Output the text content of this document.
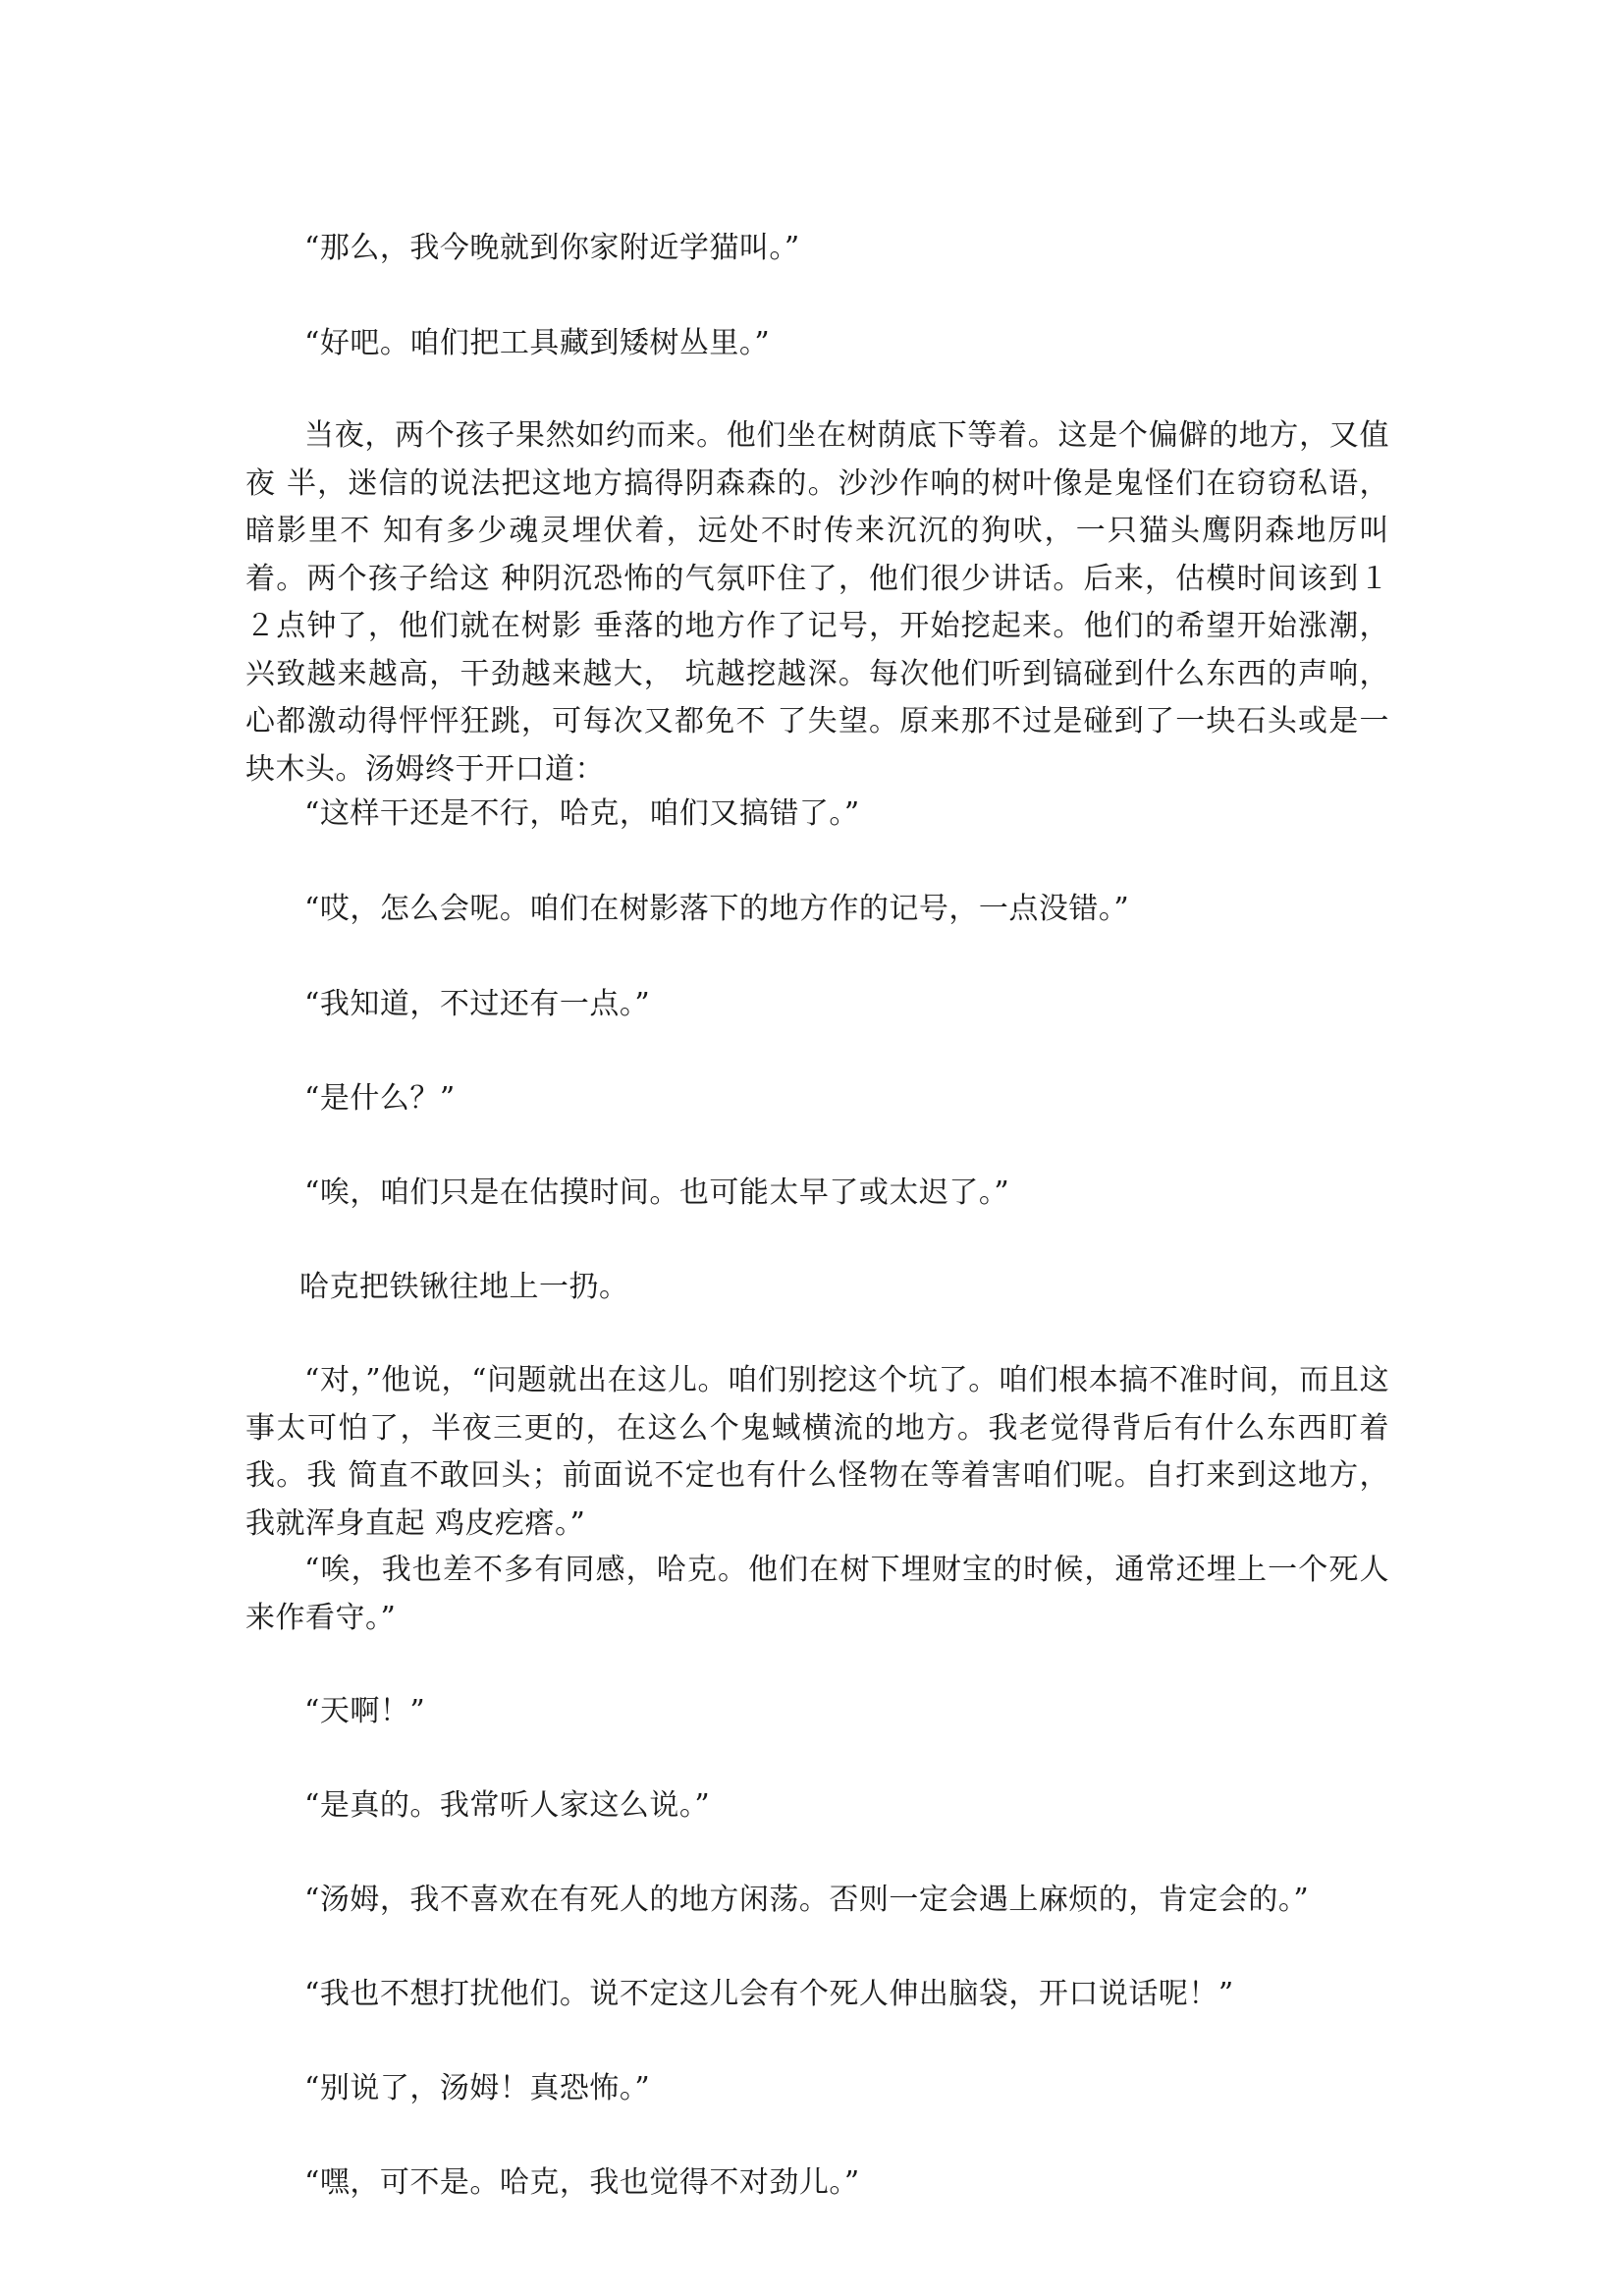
“那么，我今晚就到你家附近学猫叫。”

“好吧。咱们把工具藏到矮树丛里。”

当夜，两个孩子果然如约而来。他们坐在树荫底下等着。这是个偏僻的地方，又值夜 半，迷信的说法把这地方搞得阴森森的。沙沙作响的树叶像是鬼怪们在窃窃私语，暗影里不 知有多少魂灵埋伏着，远处不时传来沉沉的狗吠，一只猫头鹰阴森地厉叫着。两个孩子给这 种阴沉恐怖的气氛吓住了，他们很少讲话。后来，估模时间该到１２点钟了，他们就在树影 垂落的地方作了记号，开始挖起来。他们的希望开始涨潮，兴致越来越高，干劲越来越大， 坑越挖越深。每次他们听到镐碰到什么东西的声响，心都激动得怦怦狂跳，可每次又都免不 了失望。原来那不过是碰到了一块石头或是一块木头。汤姆终于开口道：

“这样干还是不行，哈克，咱们又搞错了。”

“哎，怎么会呢。咱们在树影落下的地方作的记号，一点没错。”

“我知道，不过还有一点。”

“是什么？”

“唉，咱们只是在估摸时间。也可能太早了或太迟了。”

哈克把铁锹往地上一扔。

“对，”他说，“问题就出在这儿。咱们别挖这个坑了。咱们根本搞不准时间，而且这 事太可怕了，半夜三更的，在这么个鬼蜮横流的地方。我老觉得背后有什么东西盯着我。我 简直不敢回头；前面说不定也有什么怪物在等着害咱们呢。自打来到这地方，我就浑身直起 鸡皮疙瘩。”

“唉，我也差不多有同感，哈克。他们在树下埋财宝的时候，通常还埋上一个死人来作看守。”

“天啊！”

“是真的。我常听人家这么说。”

“汤姆，我不喜欢在有死人的地方闲荡。否则一定会遇上麻烦的，肯定会的。”

“我也不想打扰他们。说不定这儿会有个死人伸出脑袋，开口说话呢！”

“别说了，汤姆！真恐怖。”

“嘿，可不是。哈克，我也觉得不对劲儿。”
